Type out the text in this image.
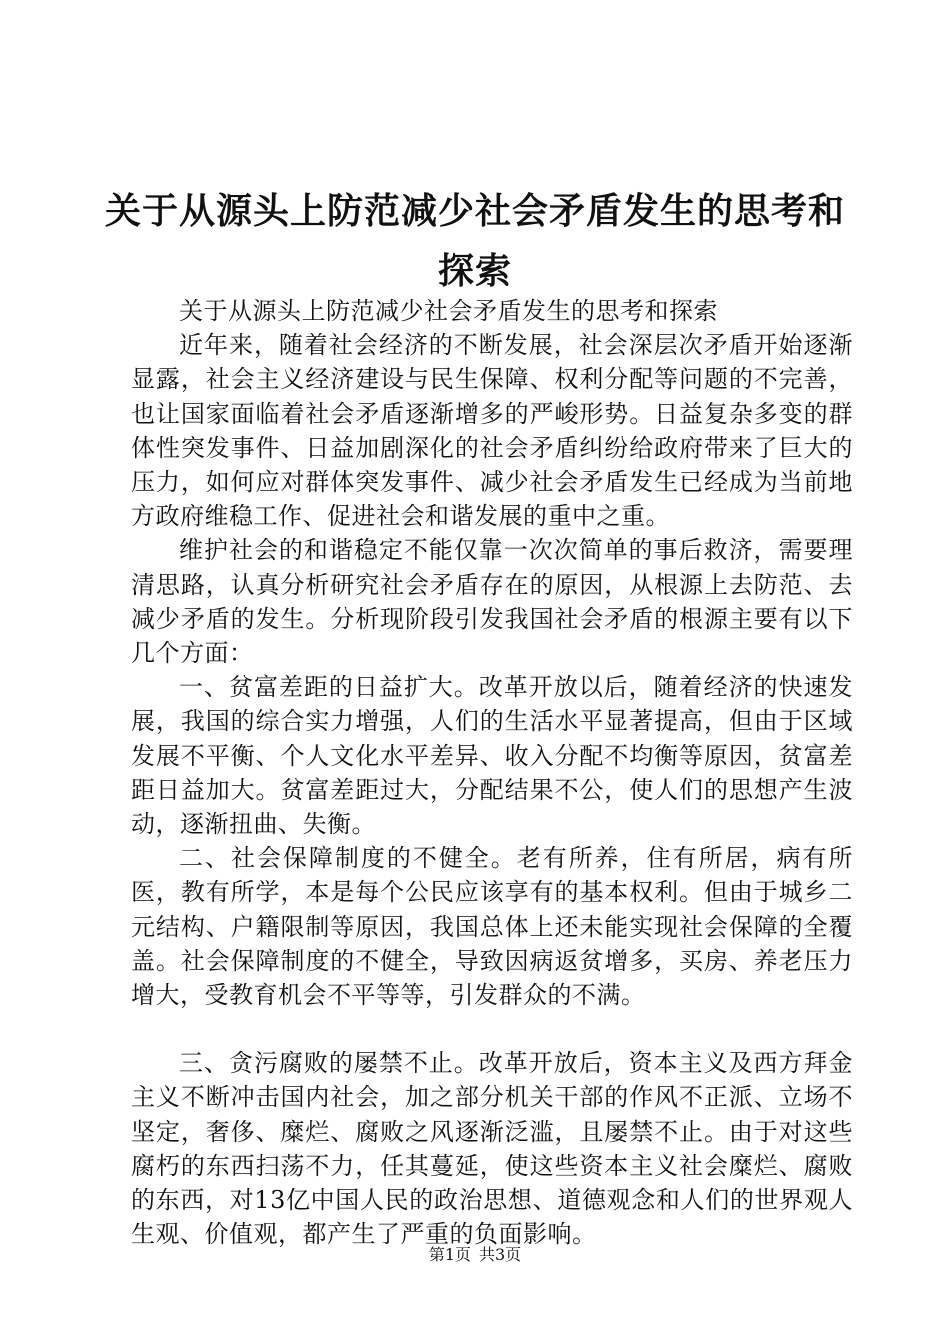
关于从源头上防范减少社会矛盾发生的思考和探索

关于从源头上防范减少社会矛盾发生的思考和探索

近年来，随着社会经济的不断发展，社会深层次矛盾开始逐渐显露，社会主义经济建设与民生保障、权利分配等问题的不完善，也让国家面临着社会矛盾逐渐增多的严峻形势。日益复杂多变的群体性突发事件、日益加剧深化的社会矛盾纠纷给政府带来了巨大的压力，如何应对群体突发事件、减少社会矛盾发生已经成为当前地方政府维稳工作、促进社会和谐发展的重中之重。

维护社会的和谐稳定不能仅靠一次次简单的事后救济，需要理清思路，认真分析研究社会矛盾存在的原因，从根源上去防范、去减少矛盾的发生。分析现阶段引发我国社会矛盾的根源主要有以下几个方面：

一、贫富差距的日益扩大。改革开放以后，随着经济的快速发展，我国的综合实力增强，人们的生活水平显著提高，但由于区域发展不平衡、个人文化水平差异、收入分配不均衡等原因，贫富差距日益加大。贫富差距过大，分配结果不公，使人们的思想产生波动，逐渐扭曲、失衡。

二、社会保障制度的不健全。老有所养，住有所居，病有所医，教有所学，本是每个公民应该享有的基本权利。但由于城乡二元结构、户籍限制等原因，我国总体上还未能实现社会保障的全覆盖。社会保障制度的不健全，导致因病返贫增多，买房、养老压力增大，受教育机会不平等等，引发群众的不满。

三、贪污腐败的屡禁不止。改革开放后，资本主义及西方拜金主义不断冲击国内社会，加之部分机关干部的作风不正派、立场不坚定，奢侈、糜烂、腐败之风逐渐泛滥，且屡禁不止。由于对这些腐朽的东西扫荡不力，任其蔓延，使这些资本主义社会糜烂、腐败的东西，对13亿中国人民的政治思想、道德观念和人们的世界观人生观、价值观，都产生了严重的负面影响。

第1页 共3页
